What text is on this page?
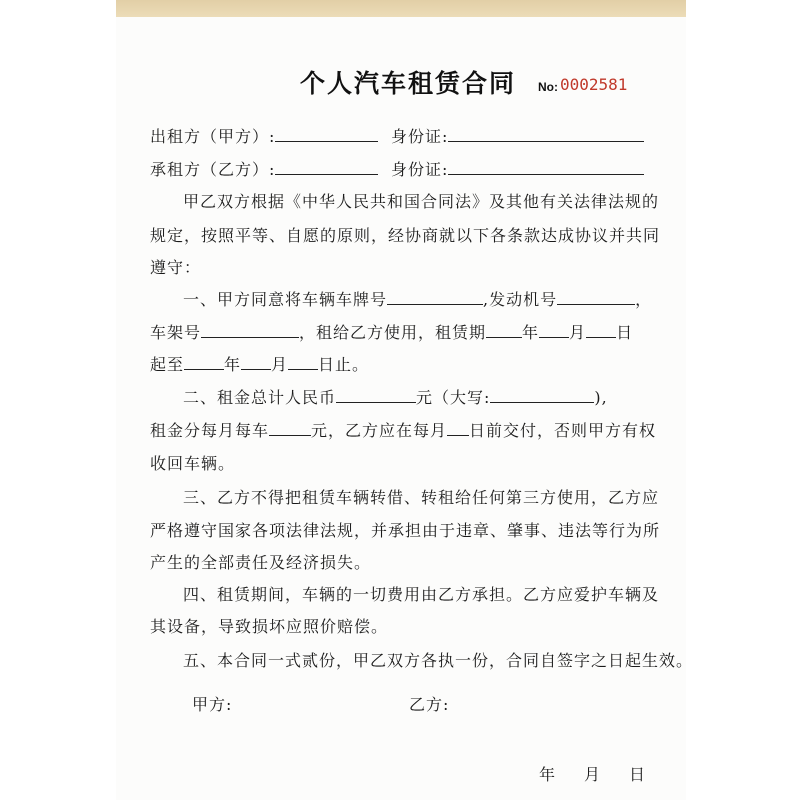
个人汽车租赁合同 No: 0002581
出租方（甲方）:	身份证:
承租方（乙方）:	身份证:
甲乙双方根据《中华人民共和国合同法》及其他有关法律法规的
规定，按照平等、自愿的原则，经协商就以下各条款达成协议并共同
遵守：
一、甲方同意将车辆车牌号	,发动机号	，
车架号	，租给乙方使用，租赁期 年 月 日
起至	年 月 日止。
二、租金总计人民币	元（大写:	),
租金分每月每车	元，乙方应在每月 日前交付，否则甲方有权
收回车辆。
三、乙方不得把租赁车辆转借、转租给任何第三方使用，乙方应
严格遵守国家各项法律法规，并承担由于违章、肇事、违法等行为所
产生的全部责任及经济损失。
四、租赁期间，车辆的一切费用由乙方承担。乙方应爱护车辆及
其设备，导致损坏应照价赔偿。
五、本合同一式贰份，甲乙双方各执一份，合同自签字之日起生效。
甲方:	乙方:
年 月 日
